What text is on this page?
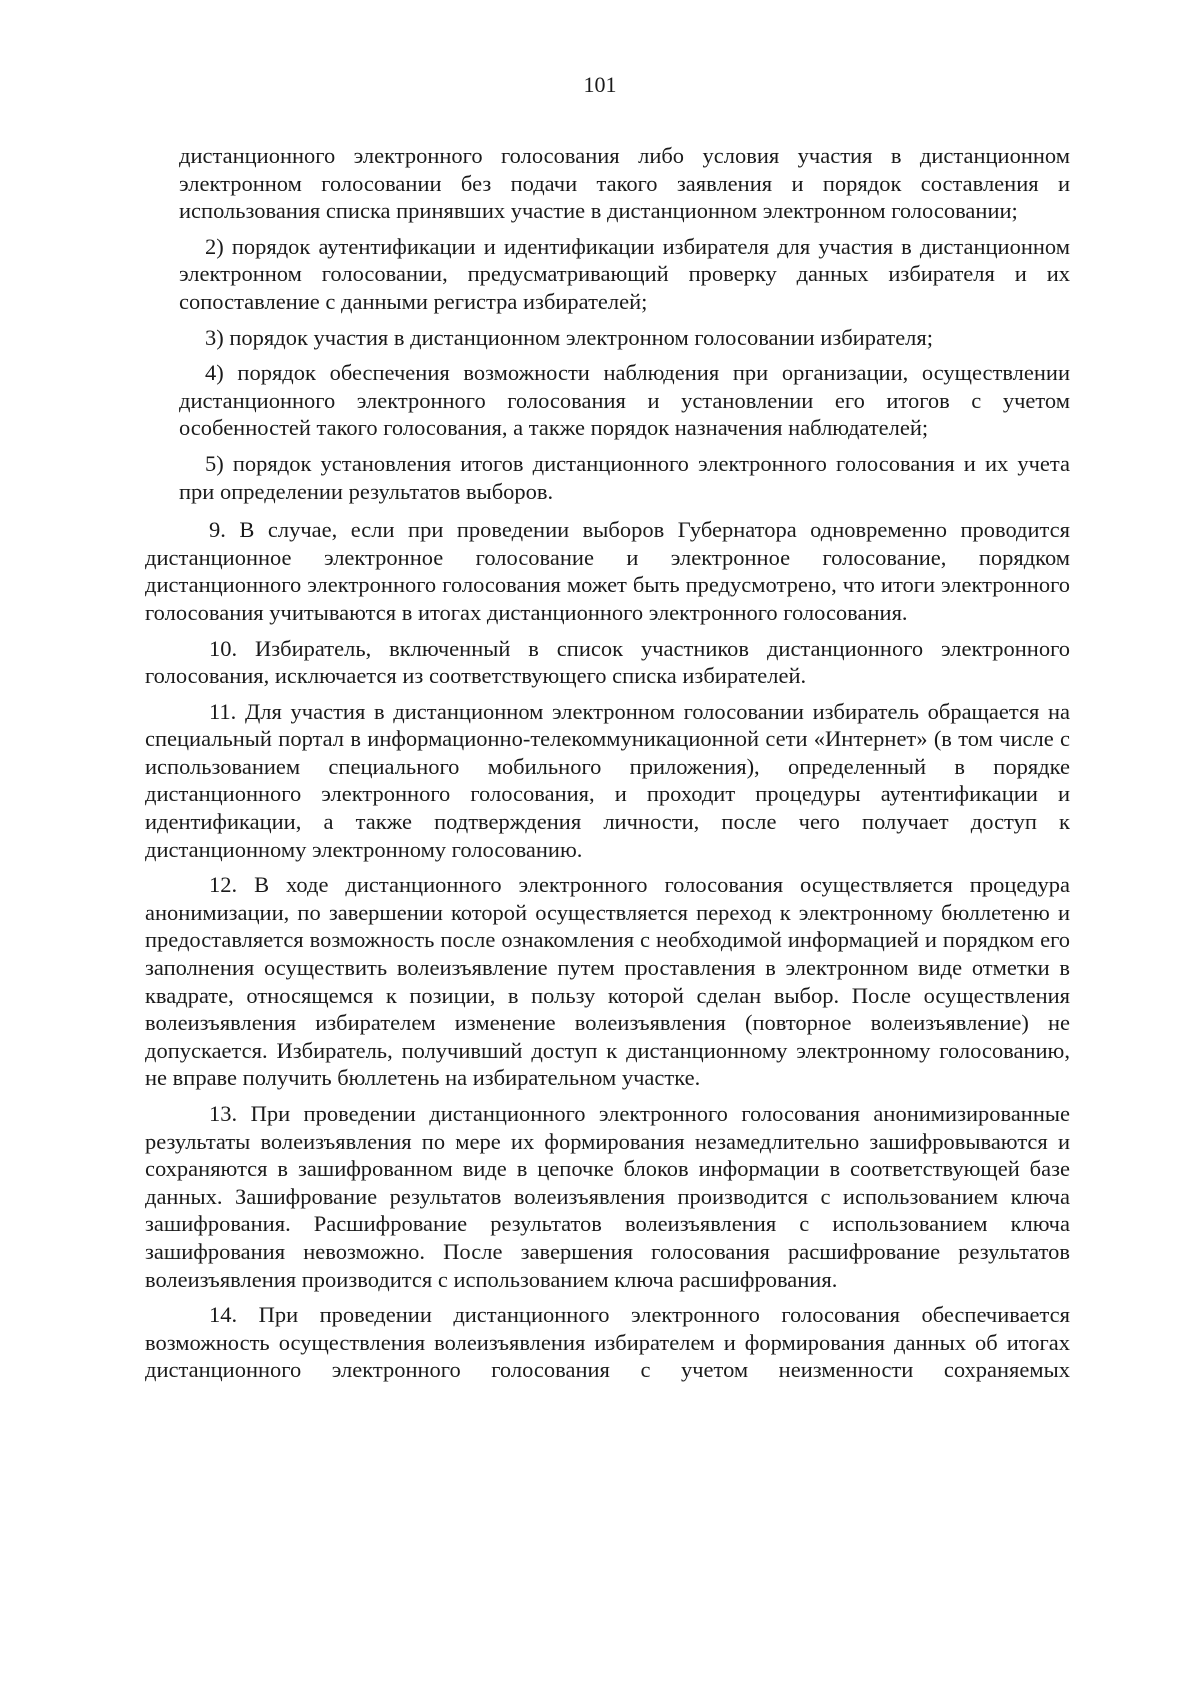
101

дистанционного электронного голосования либо условия участия в дистанционном электронном голосовании без подачи такого заявления и порядок составления и использования списка принявших участие в дистанционном электронном голосовании;

2) порядок аутентификации и идентификации избирателя для участия в дистанционном электронном голосовании, предусматривающий проверку данных избирателя и их сопоставление с данными регистра избирателей;

3) порядок участия в дистанционном электронном голосовании избирателя;

4) порядок обеспечения возможности наблюдения при организации, осуществлении дистанционного электронного голосования и установлении его итогов с учетом особенностей такого голосования, а также порядок назначения наблюдателей;

5) порядок установления итогов дистанционного электронного голосования и их учета при определении результатов выборов.

9. В случае, если при проведении выборов Губернатора одновременно проводится дистанционное электронное голосование и электронное голосование, порядком дистанционного электронного голосования может быть предусмотрено, что итоги электронного голосования учитываются в итогах дистанционного электронного голосования.

10. Избиратель, включенный в список участников дистанционного электронного голосования, исключается из соответствующего списка избирателей.

11. Для участия в дистанционном электронном голосовании избиратель обращается на специальный портал в информационно-телекоммуникационной сети «Интернет» (в том числе с использованием специального мобильного приложения), определенный в порядке дистанционного электронного голосования, и проходит процедуры аутентификации и идентификации, а также подтверждения личности, после чего получает доступ к дистанционному электронному голосованию.

12. В ходе дистанционного электронного голосования осуществляется процедура анонимизации, по завершении которой осуществляется переход к электронному бюллетеню и предоставляется возможность после ознакомления с необходимой информацией и порядком его заполнения осуществить волеизъявление путем проставления в электронном виде отметки в квадрате, относящемся к позиции, в пользу которой сделан выбор. После осуществления волеизъявления избирателем изменение волеизъявления (повторное волеизъявление) не допускается. Избиратель, получивший доступ к дистанционному электронному голосованию, не вправе получить бюллетень на избирательном участке.

13. При проведении дистанционного электронного голосования анонимизированные результаты волеизъявления по мере их формирования незамедлительно зашифровываются и сохраняются в зашифрованном виде в цепочке блоков информации в соответствующей базе данных. Зашифрование результатов волеизъявления производится с использованием ключа зашифрования. Расшифрование результатов волеизъявления с использованием ключа зашифрования невозможно. После завершения голосования расшифрование результатов волеизъявления производится с использованием ключа расшифрования.

14. При проведении дистанционного электронного голосования обеспечивается возможность осуществления волеизъявления избирателем и формирования данных об итогах дистанционного электронного голосования с учетом неизменности сохраняемых
